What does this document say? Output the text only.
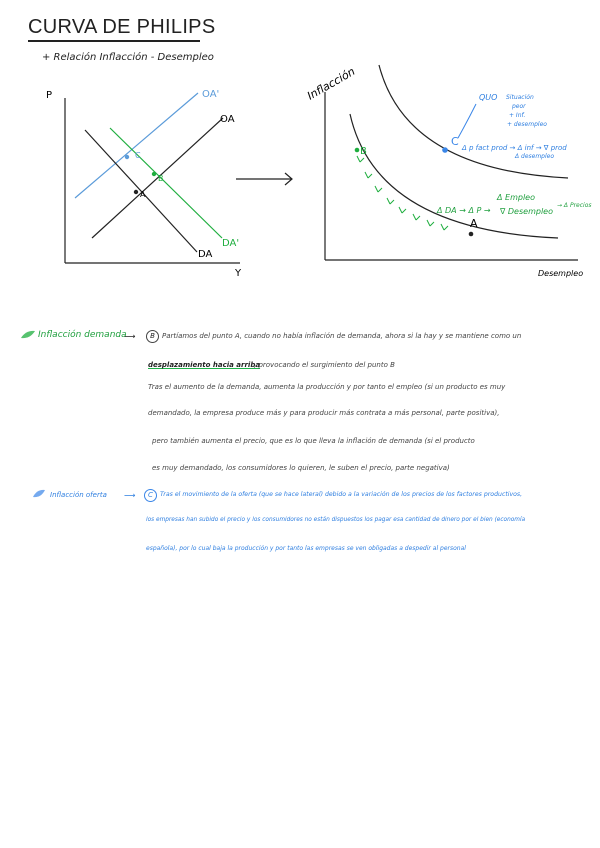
CURVA DE PHILIPS
+ Relación Inflacción - Desempleo
P
Y
OA
OA'
DA
DA'
A
B
C
Inflacción
Desempleo
B
A
C
QUO Situación
peor
+ Inf.
+ desempleo
Δ p fact prod → Δ inf → ∇ prod
Δ desempleo
Δ Empleo
Δ DA → Δ P → ∇ Desempleo
→ Δ Precios
Inflacción demanda
⟶	B	Partíamos del punto A, cuando no había inflación de demanda, ahora si la hay y se mantiene como un
desplazamiento hacia arriba
, provocando el surgimiento del punto B
Tras el aumento de la demanda, aumenta la producción y por tanto el empleo (si un producto es muy
demandado, la empresa produce más y para producir más contrata a más personal, parte positiva),
pero también aumenta el precio, que es lo que lleva la inflación de demanda (si el producto
es muy demandado, los consumidores lo quieren, le suben el precio, parte negativa)
Inflacción oferta ⟶	C	Tras el movimiento de la oferta (que se hace lateral) debido a la variación de los precios de los factores productivos,
los empresas han subido el precio y los consumidores no están dispuestos los pagar esa cantidad de dinero por el bien (economía
española), por lo cual baja la producción y por tanto las empresas se ven obligadas a despedir al personal
